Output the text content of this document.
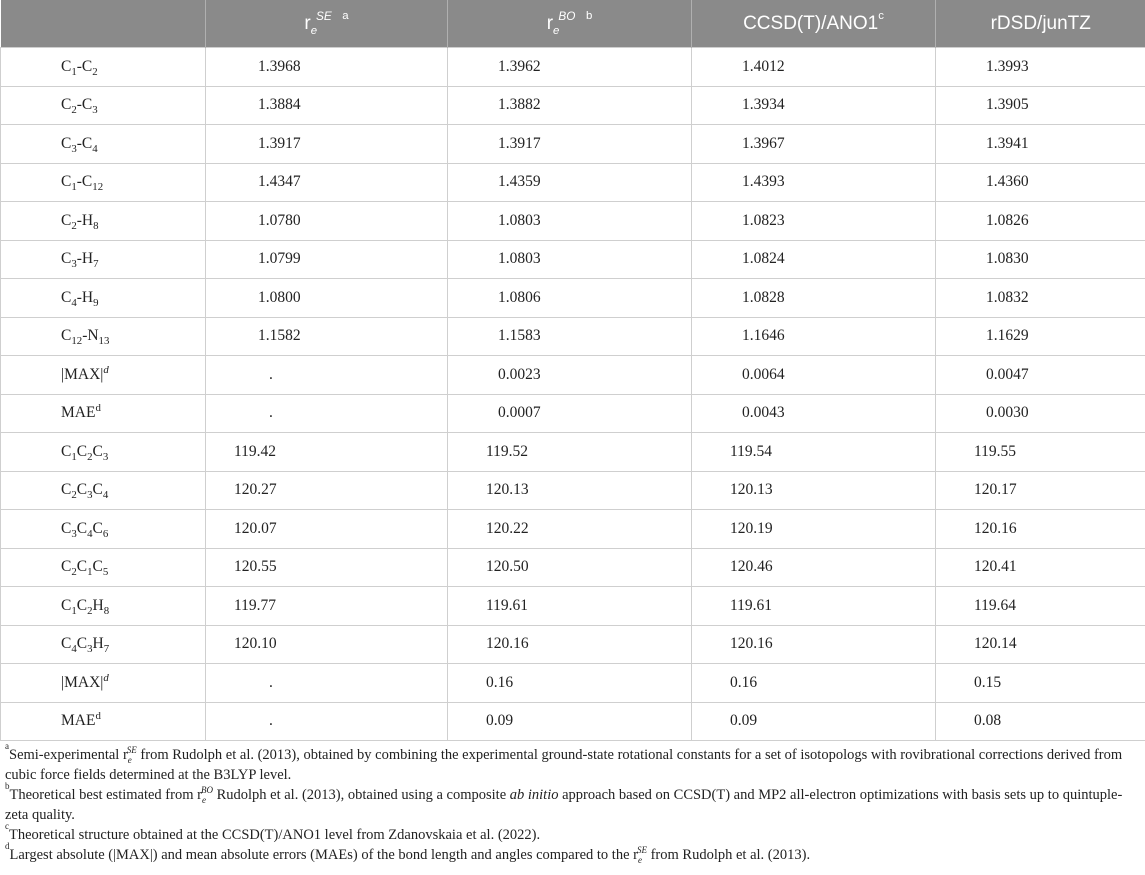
	$r_e^{SE}$ $^a$	$r_e^{BO}$ $^b$	CCSD(T)/ANO1$^c$	rDSD/junTZ
$C_1-C_2$	1.3968	1.3962	1.4012	1.3993
$C_2-C_3$	1.3884	1.3882	1.3934	1.3905
$C_3-C_4$	1.3917	1.3917	1.3967	1.3941
$C_1-C_{12}$	1.4347	1.4359	1.4393	1.4360
$C_2-H_8$	1.0780	1.0803	1.0823	1.0826
$C_3-H_7$	1.0799	1.0803	1.0824	1.0830
$C_4-H_9$	1.0800	1.0806	1.0828	1.0832
$C_{12}-N_{13}$	1.1582	1.1583	1.1646	1.1629
$|MAX|^d$	.	0.0023	0.0064	0.0047
MAE$^d$	.	0.0007	0.0043	0.0030
$C_1C_2C_3$	119.42	119.52	119.54	119.55
$C_2C_3C_4$	120.27	120.13	120.13	120.17
$C_3C_4C_6$	120.07	120.22	120.19	120.16
$C_2C_1C_5$	120.55	120.50	120.46	120.41
$C_1C_2H_8$	119.77	119.61	119.61	119.64
$C_4C_3H_7$	120.10	120.16	120.16	120.14
$|MAX|^d$	.	0.16	0.16	0.15
MAE$^d$	.	0.09	0.09	0.08

$^a$Semi-experimental $r_e^{SE}$ from Rudolph et al. (2013), obtained by combining the experimental ground-state rotational constants for a set of isotopologs with rovibrational corrections derived from cubic force fields determined at the B3LYP level.

$^b$Theoretical best estimated from $r_e^{BO}$ Rudolph et al. (2013), obtained using a composite ab initio approach based on CCSD(T) and MP2 all-electron optimizations with basis sets up to quintuple-zeta quality.

$^c$Theoretical structure obtained at the CCSD(T)/ANO1 level from Zdanovskaia et al. (2022).

$^d$Largest absolute (|MAX|) and mean absolute errors (MAEs) of the bond length and angles compared to the $r_e^{SE}$ from Rudolph et al. (2013).
